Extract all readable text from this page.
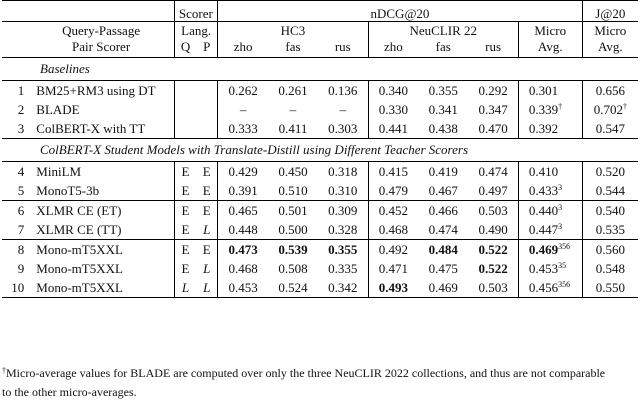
		Scorer		nDCG@20							J@20
	Query-Passage	Lang.		HC3			NeuCLIR 22			Micro	Micro
	Pair Scorer	Q	P	zho	fas	rus	zho	fas	rus	Avg.	Avg.
Baselines											
1	BM25+RM3 using DT			0.262	0.261	0.136	0.340	0.355	0.292	0.301	0.656
2	BLADE			–	–	–	0.330	0.341	0.347	0.339†	0.702†
3	ColBERT-X with TT			0.333	0.411	0.303	0.441	0.438	0.470	0.392	0.547
ColBERT-X Student Models with Translate-Distill using Different Teacher Scorers											
4	MiniLM	E	E	0.429	0.450	0.318	0.415	0.419	0.474	0.410	0.520
5	MonoT5-3b	E	E	0.391	0.510	0.310	0.479	0.467	0.497	0.433$^3$	0.544
6	XLMR CE (ET)	E	E	0.465	0.501	0.309	0.452	0.466	0.503	0.440$^3$	0.540
7	XLMR CE (TT)	E	L	0.448	0.500	0.328	0.468	0.474	0.490	0.447$^3$	0.535
8	Mono-mT5XXL	E	E	0.473	0.539	0.355	0.492	0.484	0.522	0.469$^{356}$	0.560
9	Mono-mT5XXL	E	L	0.468	0.508	0.335	0.471	0.475	0.522	0.453$^{35}$	0.548
10	Mono-mT5XXL	L	L	0.453	0.524	0.342	0.493	0.469	0.503	0.456$^{356}$	0.550
†Micro-average values for BLADE are computed over only the three NeuCLIR 2022 collections, and thus are not comparable
to the other micro-averages.
